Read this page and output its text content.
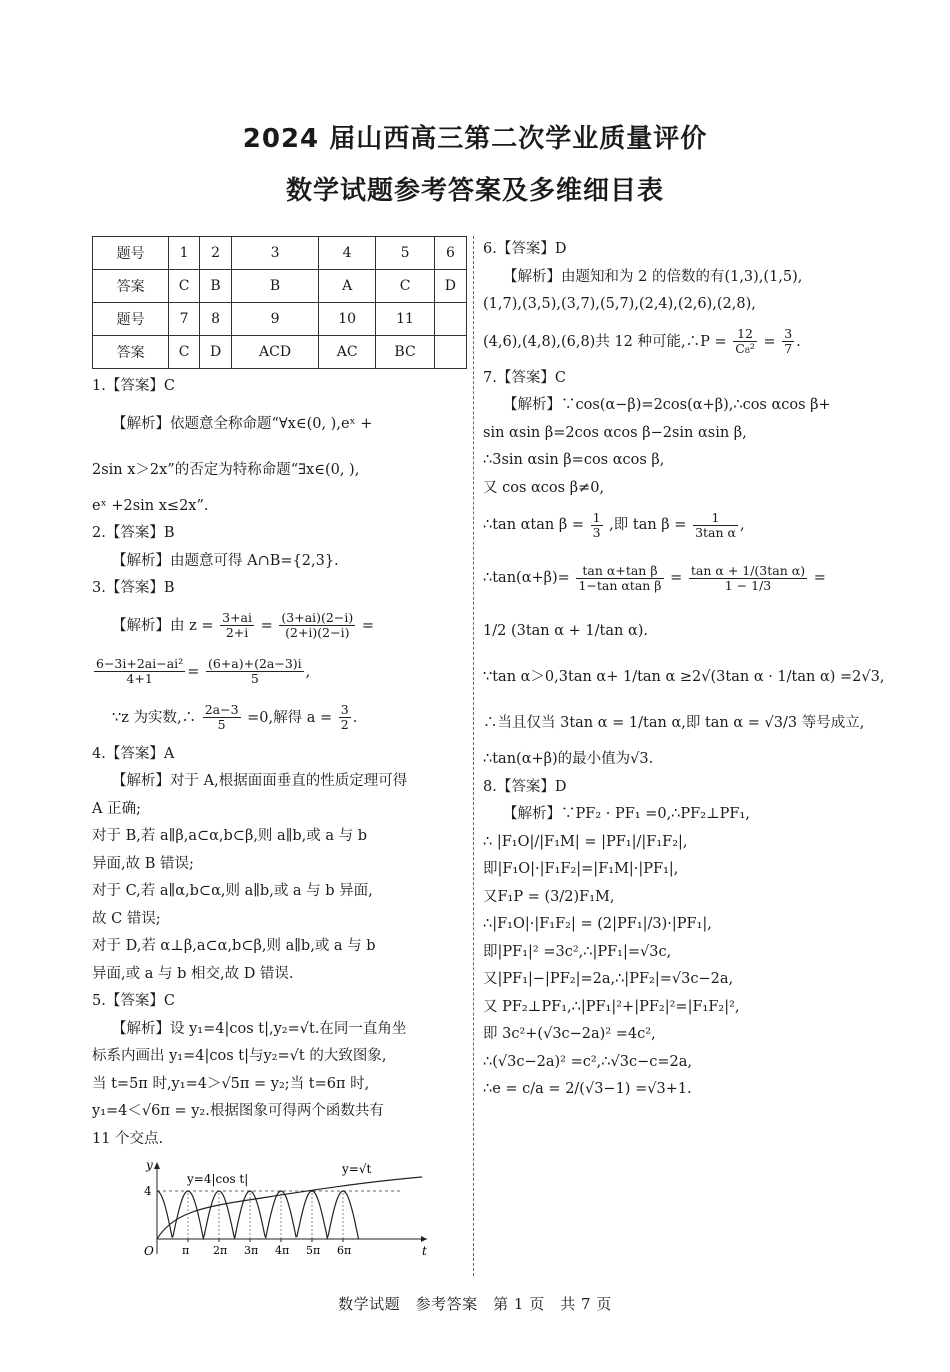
2024 届山西高三第二次学业质量评价
数学试题参考答案及多维细目表
题号	1	2	3	4	5	6
答案	C	B	B	A	C	D
题号	7	8	9	10	11	
答案	C	D	ACD	AC	BC	

1.【答案】C

【解析】依题意全称命题“∀x∈(0, ),eˣ +

2sin x＞2x”的否定为特称命题“∃x∈(0, ),

eˣ +2sin x≤2x”.

2.【答案】B

【解析】由题意可得 A∩B={2,3}.

3.【答案】B

【解析】由 $z = \frac{3+ai}{2+i} = \frac{(3+ai)(2-i)}{(2+i)(2-i)}$ =

$\frac{\text{6−3i+2ai−ai²}}{4+1} = \frac{(6+a)+(2a-3)i}{5}$ ,

∵z 为实数,∴ $\frac{2a-3}{5} =0$,解得 $a = \frac{3}{2}$ .

4.【答案】A

【解析】对于 A,根据面面垂直的性质定理可得

A 正确;

对于 B,若 a∥β,a⊂α,b⊂β,则 a∥b,或 a 与 b

异面,故 B 错误;

对于 C,若 a∥α,b⊂α,则 a∥b,或 a 与 b 异面,

故 C 错误;

对于 D,若 α⊥β,a⊂α,b⊂β,则 a∥b,或 a 与 b

异面,或 a 与 b 相交,故 D 错误.

5.【答案】C

【解析】设 y₁=4|cos t|,y₂=√t.在同一直角坐

标系内画出 y₁=4|cos t|与y₂=√t 的大致图象,

当 t=5π 时,y₁=4＞√5π = y₂;当 t=6π 时,

y₁=4＜√6π = y₂.根据图象可得两个函数共有

11 个交点.

y
t
O
4
π 2π 3π 4π 5π 6π
y=4|cos t|
y=√t

6.【答案】D

【解析】由题知和为 2 的倍数的有(1,3),(1,5),

(1,7),(3,5),(3,7),(5,7),(2,4),(2,6),(2,8),

(4,6),(4,8),(6,8)共 12 种可能,∴P = $\frac{12}{\text{C₈²}} = \frac{3}{7}$ .

7.【答案】C

【解析】∵cos(α−β)=2cos(α+β),∴cos αcos β+

sin αsin β=2cos αcos β−2sin αsin β,

∴3sin αsin β=cos αcos β,

又 cos αcos β≠0,

∴tan αtan $\beta = \frac{1}{3}$ ,即 $\tan \beta = \frac{1}{\text{3tan α}}$ ,

∴tan(α+β)= $\frac{\text{tan α+tan β}}{\text{1−tan αtan β}} = \frac{\text{tan α + 1/(3tan α)}}{1 - 1/3}$ =

1/2 (3tan α + 1/tan α).

∵tan α＞0,3tan α+ 1/tan α ≥2√(3tan α · 1/tan α) =2√3,

∴当且仅当 3tan α = 1/tan α,即 tan α = √3/3 等号成立,

∴tan(α+β)的最小值为√3.

8.【答案】D

【解析】∵PF₂ · PF₁ =0,∴PF₂⊥PF₁,

∴ |F₁O|/|F₁M| = |PF₁|/|F₁F₂|,

即|F₁O|·|F₁F₂|=|F₁M|·|PF₁|,

又F₁P = (3/2)F₁M,

∴|F₁O|·|F₁F₂| = (2|PF₁|/3)·|PF₁|,

即|PF₁|² =3c²,∴|PF₁|=√3c,

又|PF₁|−|PF₂|=2a,∴|PF₂|=√3c−2a,

又 PF₂⊥PF₁,∴|PF₁|²+|PF₂|²=|F₁F₂|²,

即 3c²+(√3c−2a)² =4c²,

∴(√3c−2a)² =c²,∴√3c−c=2a,

∴e = c/a = 2/(√3−1) =√3+1.

数学试题　参考答案　第 1 页　共 7 页
